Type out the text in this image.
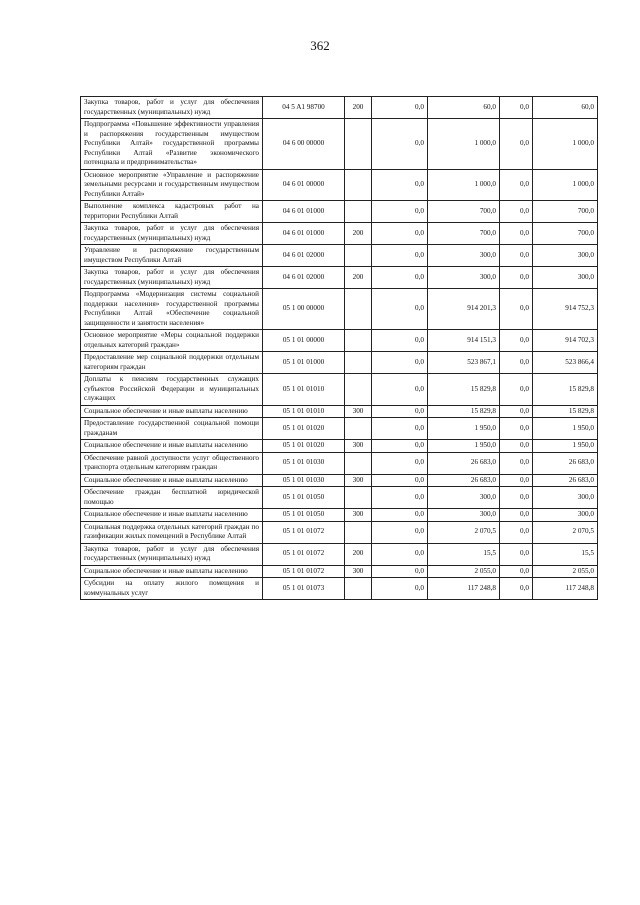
362
Закупка товаров, работ и услуг для обеспечения государственных (муниципальных) нужд	04 5 A1 98700	200	0,0	60,0	0,0	60,0
Подпрограмма «Повышение эффективности управления и распоряжения государственным имуществом Республики Алтай» государственной программы Республики Алтай «Развитие экономического потенциала и предпринимательства»	04 6 00 00000		0,0	1 000,0	0,0	1 000,0
Основное мероприятие «Управление и распоряжение земельными ресурсами и государственным имуществом Республики Алтай»	04 6 01 00000		0,0	1 000,0	0,0	1 000,0
Выполнение комплекса кадастровых работ на территории Республики Алтай	04 6 01 01000		0,0	700,0	0,0	700,0
Закупка товаров, работ и услуг для обеспечения государственных (муниципальных) нужд	04 6 01 01000	200	0,0	700,0	0,0	700,0
Управление и распоряжение государственным имуществом Республики Алтай	04 6 01 02000		0,0	300,0	0,0	300,0
Закупка товаров, работ и услуг для обеспечения государственных (муниципальных) нужд	04 6 01 02000	200	0,0	300,0	0,0	300,0
Подпрограмма «Модернизация системы социальной поддержки населения» государственной программы Республики Алтай «Обеспечение социальной защищенности и занятости населения»	05 1 00 00000		0,0	914 201,3	0,0	914 752,3
Основное мероприятие «Меры социальной поддержки отдельных категорий граждан»	05 1 01 00000		0,0	914 151,3	0,0	914 702,3
Предоставление мер социальной поддержки отдельным категориям граждан	05 1 01 01000		0,0	523 867,1	0,0	523 866,4
Доплаты к пенсиям государственных служащих субъектов Российской Федерации и муниципальных служащих	05 1 01 01010		0,0	15 829,8	0,0	15 829,8
Социальное обеспечение и иные выплаты населению	05 1 01 01010	300	0,0	15 829,8	0,0	15 829,8
Предоставление государственной социальной помощи гражданам	05 1 01 01020		0,0	1 950,0	0,0	1 950,0
Социальное обеспечение и иные выплаты населению	05 1 01 01020	300	0,0	1 950,0	0,0	1 950,0
Обеспечение равной доступности услуг общественного транспорта отдельным категориям граждан	05 1 01 01030		0,0	26 683,0	0,0	26 683,0
Социальное обеспечение и иные выплаты населению	05 1 01 01030	300	0,0	26 683,0	0,0	26 683,0
Обеспечение граждан бесплатной юридической помощью	05 1 01 01050		0,0	300,0	0,0	300,0
Социальное обеспечение и иные выплаты населению	05 1 01 01050	300	0,0	300,0	0,0	300,0
Социальная поддержка отдельных категорий граждан по газификации жилых помещений в Республике Алтай	05 1 01 01072		0,0	2 070,5	0,0	2 070,5
Закупка товаров, работ и услуг для обеспечения государственных (муниципальных) нужд	05 1 01 01072	200	0,0	15,5	0,0	15,5
Социальное обеспечение и иные выплаты населению	05 1 01 01072	300	0,0	2 055,0	0,0	2 055,0
Субсидии на оплату жилого помещения и коммунальных услуг	05 1 01 01073		0,0	117 248,8	0,0	117 248,8
